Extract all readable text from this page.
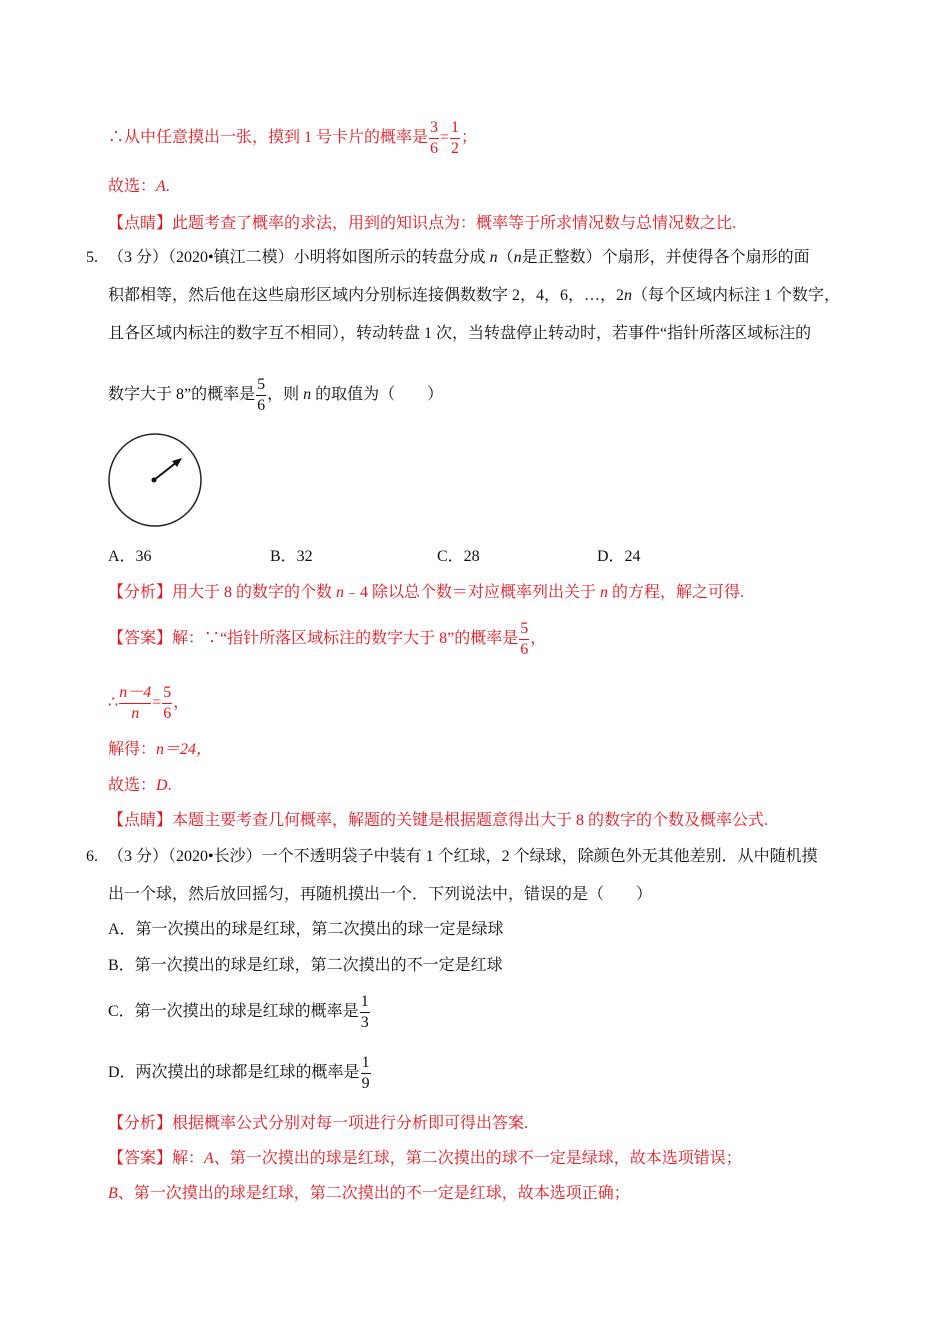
∴从中任意摸出一张，摸到 1 号卡片的概率是 $\frac{3}{6} = \frac{1}{2}$ ；
故选：A.
【点睛】此题考查了概率的求法，用到的知识点为：概率等于所求情况数与总情况数之比.
5. （3 分）（2020•镇江二模）小明将如图所示的转盘分成 n（n是正整数）个扇形，并使得各个扇形的面
积都相等，然后他在这些扇形区域内分别标连接偶数数字 2，4，6，…，2n（每个区域内标注 1 个数字，
且各区域内标注的数字互不相同），转动转盘 1 次，当转盘停止转动时，若事件“指针所落区域标注的
数字大于 8”的概率是 $\frac{5}{6}$ ，则 n 的取值为（　　）
A．36	B．32	C．28	D．24
【分析】用大于 8 的数字的个数 n﹣4 除以总个数＝对应概率列出关于 n 的方程，解之可得.
【答案】解：∵“指针所落区域标注的数字大于 8”的概率是 $\frac{5}{6}$ ，
∴ $\frac{n-4}{n} = \frac{5}{6}$ ，
解得：n＝24，
故选：D.
【点睛】本题主要考查几何概率，解题的关键是根据题意得出大于 8 的数字的个数及概率公式.
6. （3 分）（2020•长沙）一个不透明袋子中装有 1 个红球，2 个绿球，除颜色外无其他差别．从中随机摸
出一个球，然后放回摇匀，再随机摸出一个．下列说法中，错误的是（　　）
A．第一次摸出的球是红球，第二次摸出的球一定是绿球
B．第一次摸出的球是红球，第二次摸出的不一定是红球
C．第一次摸出的球是红球的概率是 $\frac{1}{3}$
D．两次摸出的球都是红球的概率是 $\frac{1}{9}$
【分析】根据概率公式分别对每一项进行分析即可得出答案.
【答案】解：A、第一次摸出的球是红球，第二次摸出的球不一定是绿球，故本选项错误；
B、第一次摸出的球是红球，第二次摸出的不一定是红球，故本选项正确；
